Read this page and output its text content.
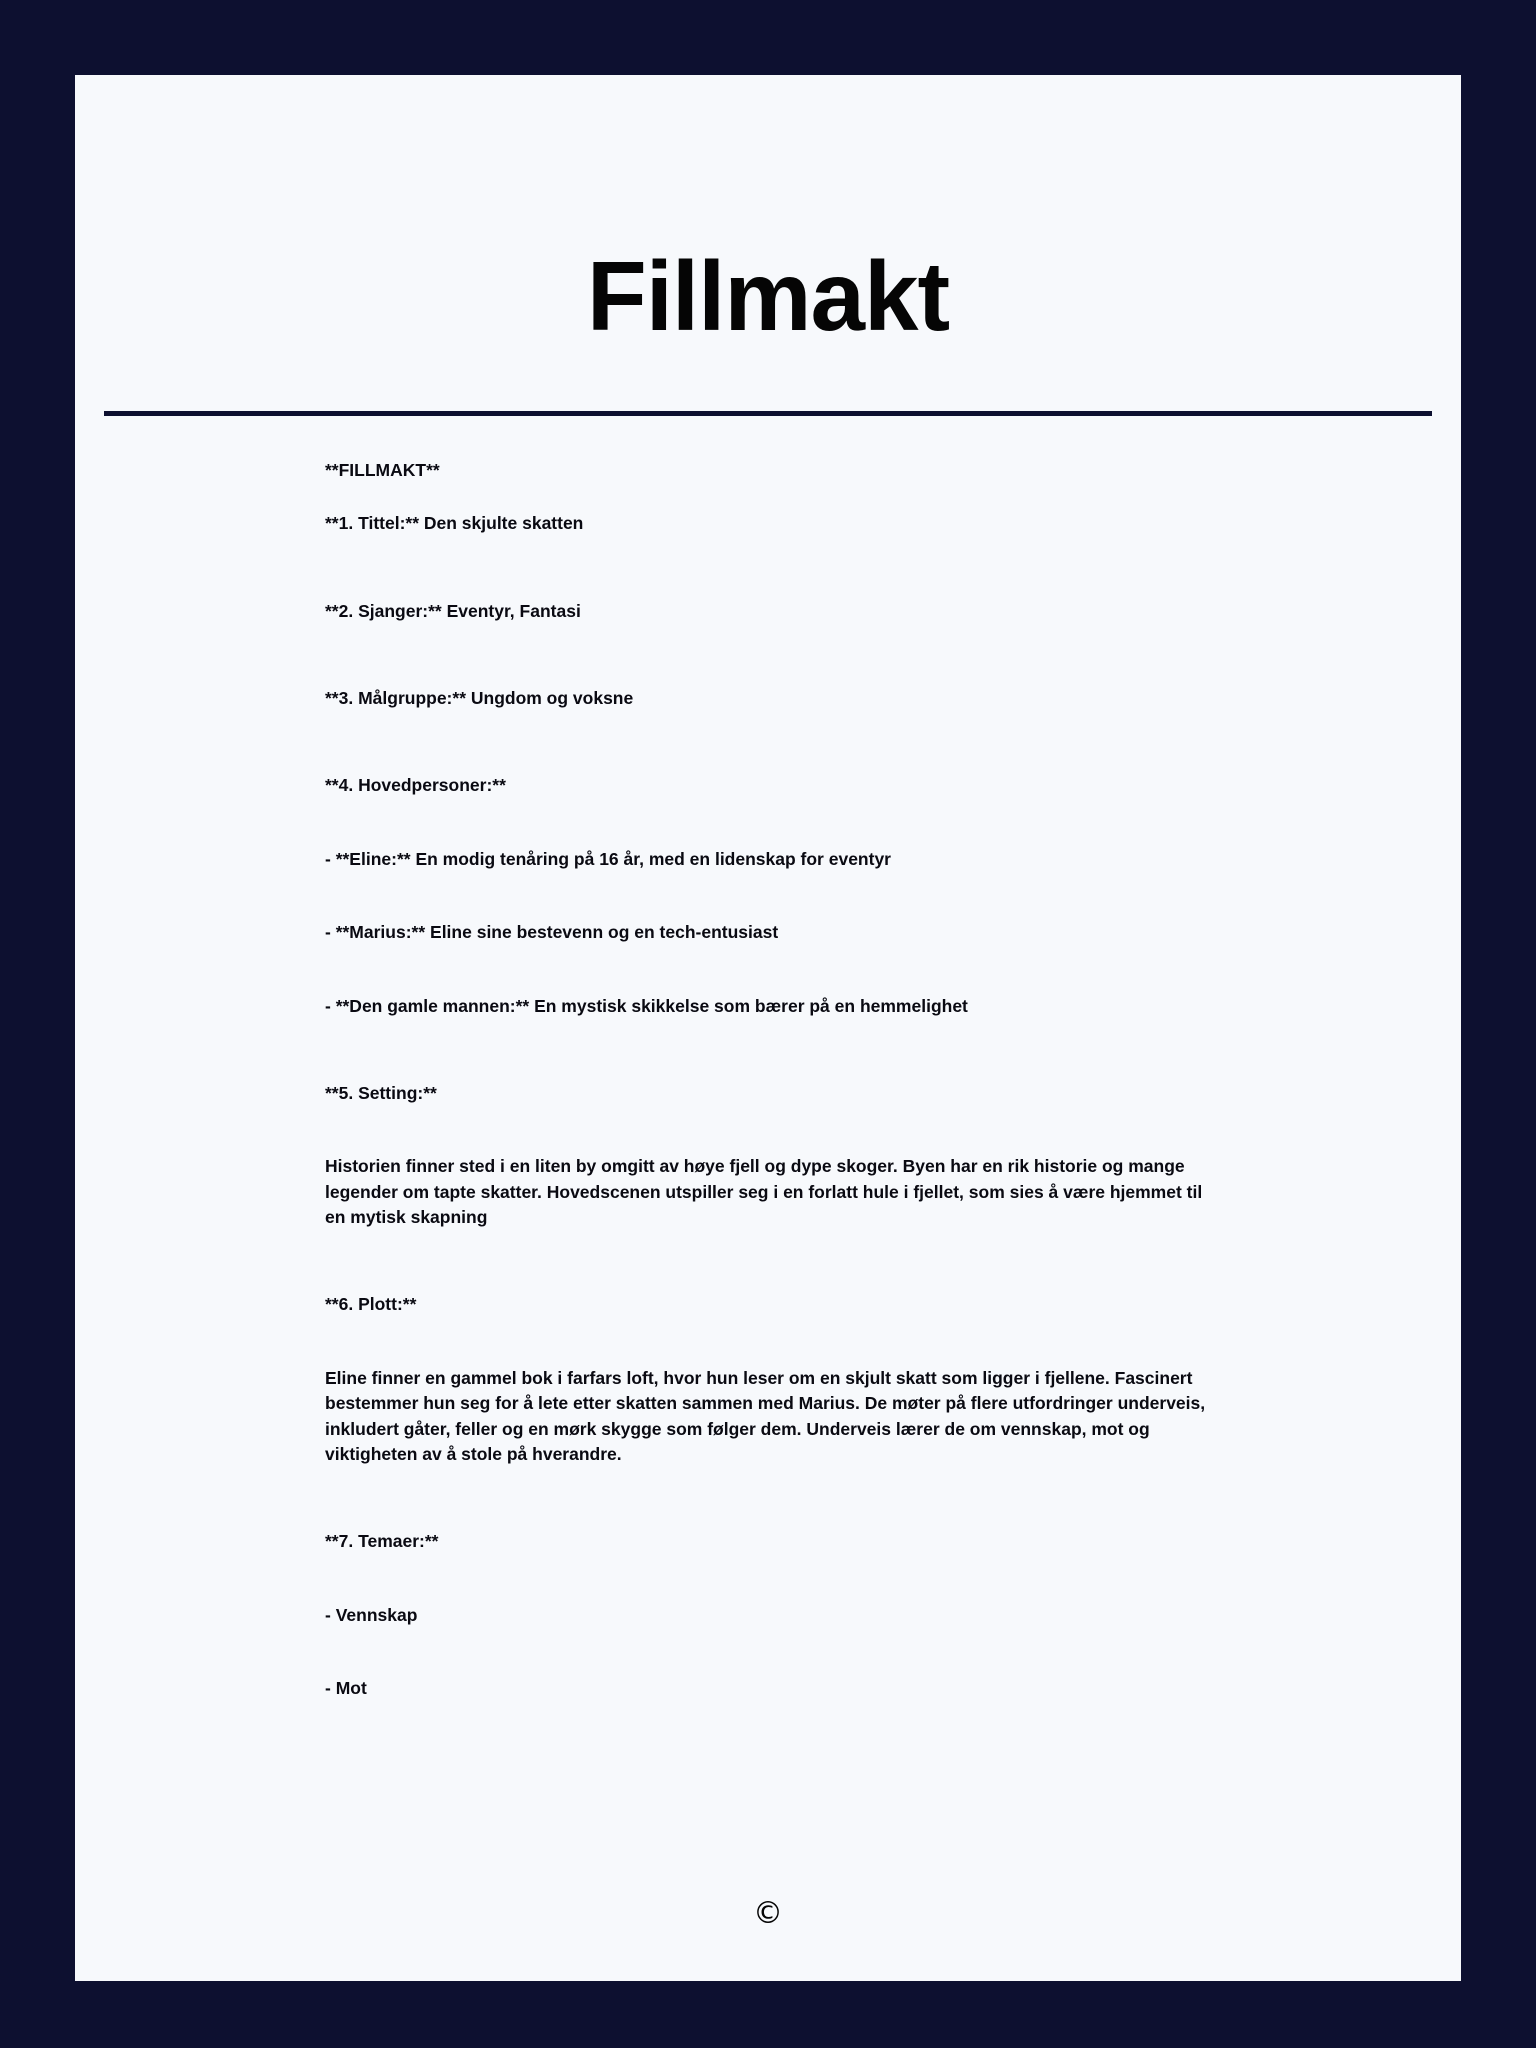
Fillmakt

**FILLMAKT**

**1. Tittel:** Den skjulte skatten

**2. Sjanger:** Eventyr, Fantasi

**3. Målgruppe:** Ungdom og voksne

**4. Hovedpersoner:**

- **Eline:** En modig tenåring på 16 år, med en lidenskap for eventyr

- **Marius:** Eline sine bestevenn og en tech-entusiast

- **Den gamle mannen:** En mystisk skikkelse som bærer på en hemmelighet

**5. Setting:**

Historien finner sted i en liten by omgitt av høye fjell og dype skoger. Byen har en rik historie og mange legender om tapte skatter. Hovedscenen utspiller seg i en forlatt hule i fjellet, som sies å være hjemmet til en mytisk skapning

**6. Plott:**

Eline finner en gammel bok i farfars loft, hvor hun leser om en skjult skatt som ligger i fjellene. Fascinert bestemmer hun seg for å lete etter skatten sammen med Marius. De møter på flere utfordringer underveis, inkludert gåter, feller og en mørk skygge som følger dem. Underveis lærer de om vennskap, mot og viktigheten av å stole på hverandre.

**7. Temaer:**

- Vennskap

- Mot

©
